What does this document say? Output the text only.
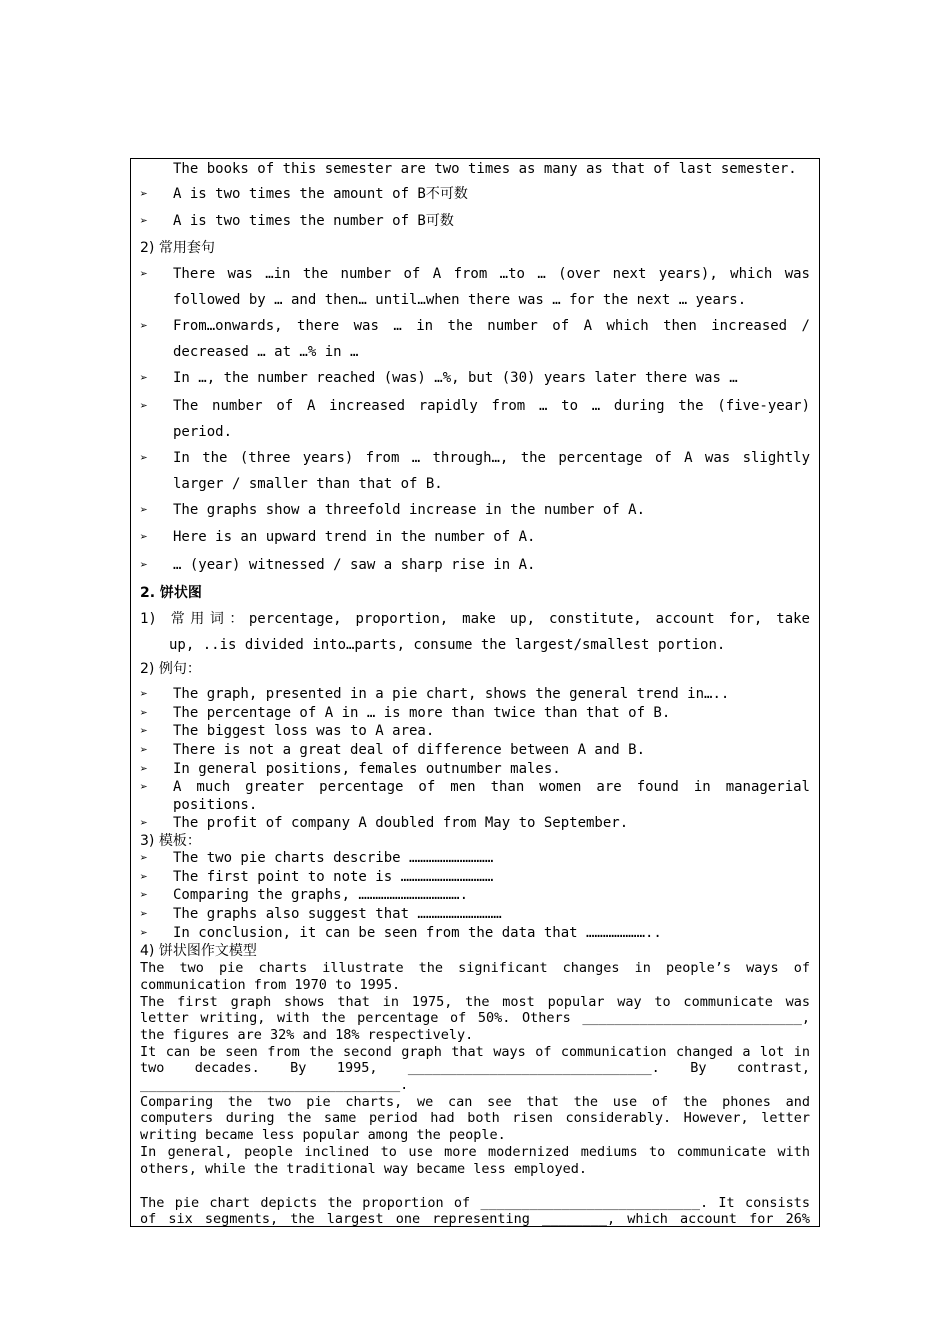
The books of this semester are two times as many as that of last semester.
➢	A is two times the amount of B不可数
➢	A is two times the number of B可数
2) 常用套句
➢	There was …in the number of A from …to … (over next years), which was
followed by … and then… until…when there was … for the next … years.
➢	From…onwards, there was … in the number of A which then increased /
decreased … at …% in …
➢	In …, the number reached (was) …%, but (30) years later there was …
➢	The number of A increased rapidly from … to … during the (five-year)
period.
➢	In the (three years) from … through…, the percentage of A was slightly
larger / smaller than that of B.
➢	The graphs show a threefold increase in the number of A.
➢	Here is an upward trend in the number of A.
➢	… (year) witnessed / saw a sharp rise in A.
2. 饼状图
1) 常用词：percentage, proportion, make up, constitute, account for, take
up, ..is divided into…parts, consume the largest/smallest portion.
2) 例句：
➢	The graph, presented in a pie chart, shows the general trend in…..
➢	The percentage of A in … is more than twice than that of B.
➢	The biggest loss was to A area.
➢	There is not a great deal of difference between A and B.
➢	In general positions, females outnumber males.
➢	A much greater percentage of men than women are found in managerial
positions.
➢	The profit of company A doubled from May to September.
3) 模板：
➢	The two pie charts describe …………………………
➢	The first point to note is ……………………………
➢	Comparing the graphs, ……………………………….
➢	The graphs also suggest that …………………………
➢	In conclusion, it can be seen from the data that …………………..
4) 饼状图作文模型
The two pie charts illustrate the significant changes in people’s ways of
communication from 1970 to 1995.
The first graph shows that in 1975, the most popular way to communicate was
letter writing, with the percentage of 50%. Others ___________________________,
the figures are 32% and 18% respectively.
It can be seen from the second graph that ways of communication changed a lot in
two decades. By 1995, ______________________________. By contrast,
________________________________.
Comparing the two pie charts, we can see that the use of the phones and
computers during the same period had both risen considerably. However, letter
writing became less popular among the people.
In general, people inclined to use more modernized mediums to communicate with
others, while the traditional way became less employed.
The pie chart depicts the proportion of ___________________________. It consists
of six segments, the largest one representing ________, which account for 26%
